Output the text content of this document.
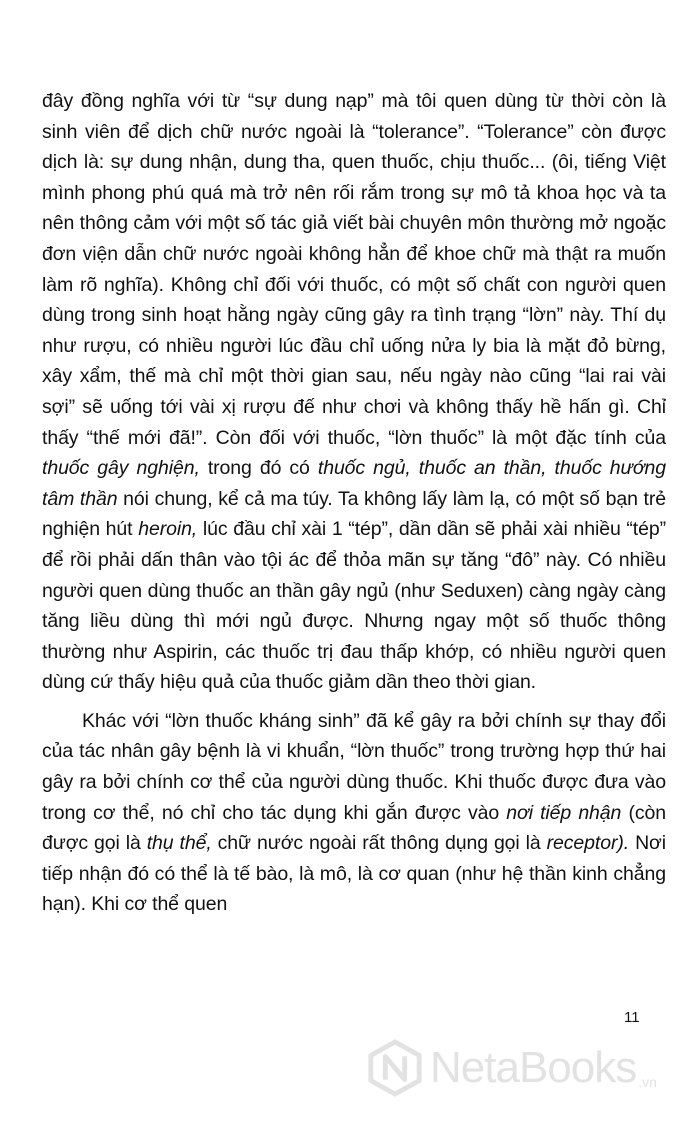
đây đồng nghĩa với từ “sự dung nạp” mà tôi quen dùng từ thời còn là sinh viên để dịch chữ nước ngoài là “tolerance”. “Tolerance” còn được dịch là: sự dung nhận, dung tha, quen thuốc, chịu thuốc... (ôi, tiếng Việt mình phong phú quá mà trở nên rối rắm trong sự mô tả khoa học và ta nên thông cảm với một số tác giả viết bài chuyên môn thường mở ngoặc đơn viện dẫn chữ nước ngoài không hẳn để khoe chữ mà thật ra muốn làm rõ nghĩa). Không chỉ đối với thuốc, có một số chất con người quen dùng trong sinh hoạt hằng ngày cũng gây ra tình trạng “lờn” này. Thí dụ như rượu, có nhiều người lúc đầu chỉ uống nửa ly bia là mặt đỏ bừng, xây xẩm, thế mà chỉ một thời gian sau, nếu ngày nào cũng “lai rai vài sợi” sẽ uống tới vài xị rượu đế như chơi và không thấy hề hấn gì. Chỉ thấy “thế mới đã!”. Còn đối với thuốc, “lờn thuốc” là một đặc tính của thuốc gây nghiện, trong đó có thuốc ngủ, thuốc an thần, thuốc hướng tâm thần nói chung, kể cả ma túy. Ta không lấy làm lạ, có một số bạn trẻ nghiện hút heroin, lúc đầu chỉ xài 1 “tép”, dần dần sẽ phải xài nhiều “tép” để rồi phải dấn thân vào tội ác để thỏa mãn sự tăng “đô” này. Có nhiều người quen dùng thuốc an thần gây ngủ (như Seduxen) càng ngày càng tăng liều dùng thì mới ngủ được. Nhưng ngay một số thuốc thông thường như Aspirin, các thuốc trị đau thấp khớp, có nhiều người quen dùng cứ thấy hiệu quả của thuốc giảm dần theo thời gian.

Khác với “lờn thuốc kháng sinh” đã kể gây ra bởi chính sự thay đổi của tác nhân gây bệnh là vi khuẩn, “lờn thuốc” trong trường hợp thứ hai gây ra bởi chính cơ thể của người dùng thuốc. Khi thuốc được đưa vào trong cơ thể, nó chỉ cho tác dụng khi gắn được vào nơi tiếp nhận (còn được gọi là thụ thể, chữ nước ngoài rất thông dụng gọi là receptor). Nơi tiếp nhận đó có thể là tế bào, là mô, là cơ quan (như hệ thần kinh chẳng hạn). Khi cơ thể quen

11
NetaBooks .vn
